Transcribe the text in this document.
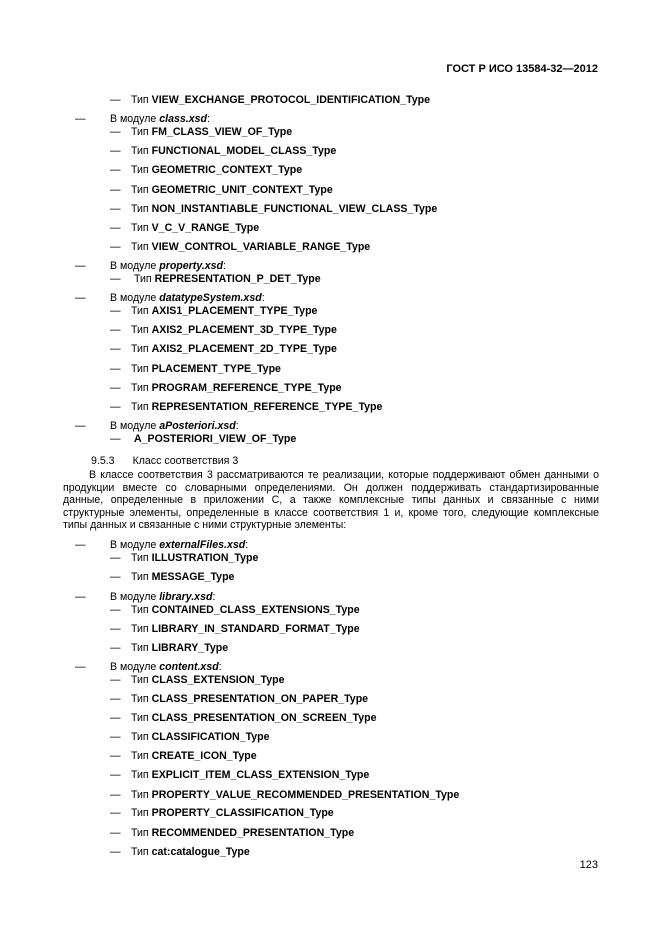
ГОСТ Р ИСО 13584-32—2012
— Тип VIEW_EXCHANGE_PROTOCOL_IDENTIFICATION_Type
— В модуле class.xsd:
— Тип FM_CLASS_VIEW_OF_Type
— Тип FUNCTIONAL_MODEL_CLASS_Type
— Тип GEOMETRIC_CONTEXT_Type
— Тип GEOMETRIC_UNIT_CONTEXT_Type
— Тип NON_INSTANTIABLE_FUNCTIONAL_VIEW_CLASS_Type
— Тип V_C_V_RANGE_Type
— Тип VIEW_CONTROL_VARIABLE_RANGE_Type
— В модуле property.xsd:
— Тип REPRESENTATION_P_DET_Type
— В модуле datatypeSystem.xsd:
— Тип AXIS1_PLACEMENT_TYPE_Type
— Тип AXIS2_PLACEMENT_3D_TYPE_Type
— Тип AXIS2_PLACEMENT_2D_TYPE_Type
— Тип PLACEMENT_TYPE_Type
— Тип PROGRAM_REFERENCE_TYPE_Type
— Тип REPRESENTATION_REFERENCE_TYPE_Type
— В модуле aPosteriori.xsd:
— A_POSTERIORI_VIEW_OF_Type
— В модуле externalFiles.xsd:
— Тип ILLUSTRATION_Type
— Тип MESSAGE_Type
— В модуле library.xsd:
— Тип CONTAINED_CLASS_EXTENSIONS_Type
— Тип LIBRARY_IN_STANDARD_FORMAT_Type
— Тип LIBRARY_Type
— В модуле content.xsd:
— Тип CLASS_EXTENSION_Type
— Тип CLASS_PRESENTATION_ON_PAPER_Type
— Тип CLASS_PRESENTATION_ON_SCREEN_Type
— Тип CLASSIFICATION_Type
— Тип CREATE_ICON_Type
— Тип EXPLICIT_ITEM_CLASS_EXTENSION_Type
— Тип PROPERTY_VALUE_RECOMMENDED_PRESENTATION_Type
— Тип PROPERTY_CLASSIFICATION_Type
— Тип RECOMMENDED_PRESENTATION_Type
— Тип cat:catalogue_Type
9.5.3 Класс соответствия 3
В классе соответствия 3 рассматриваются те реализации, которые поддерживают обмен данными о продукции вместе со словарными определениями. Он должен поддерживать стандартизированные данные, определенные в приложении С, а также комплексные типы данных и связанные с ними структурные элементы, определенные в классе соответствия 1 и, кроме того, следующие комплексные типы данных и связанные с ними структурные элементы:
123
